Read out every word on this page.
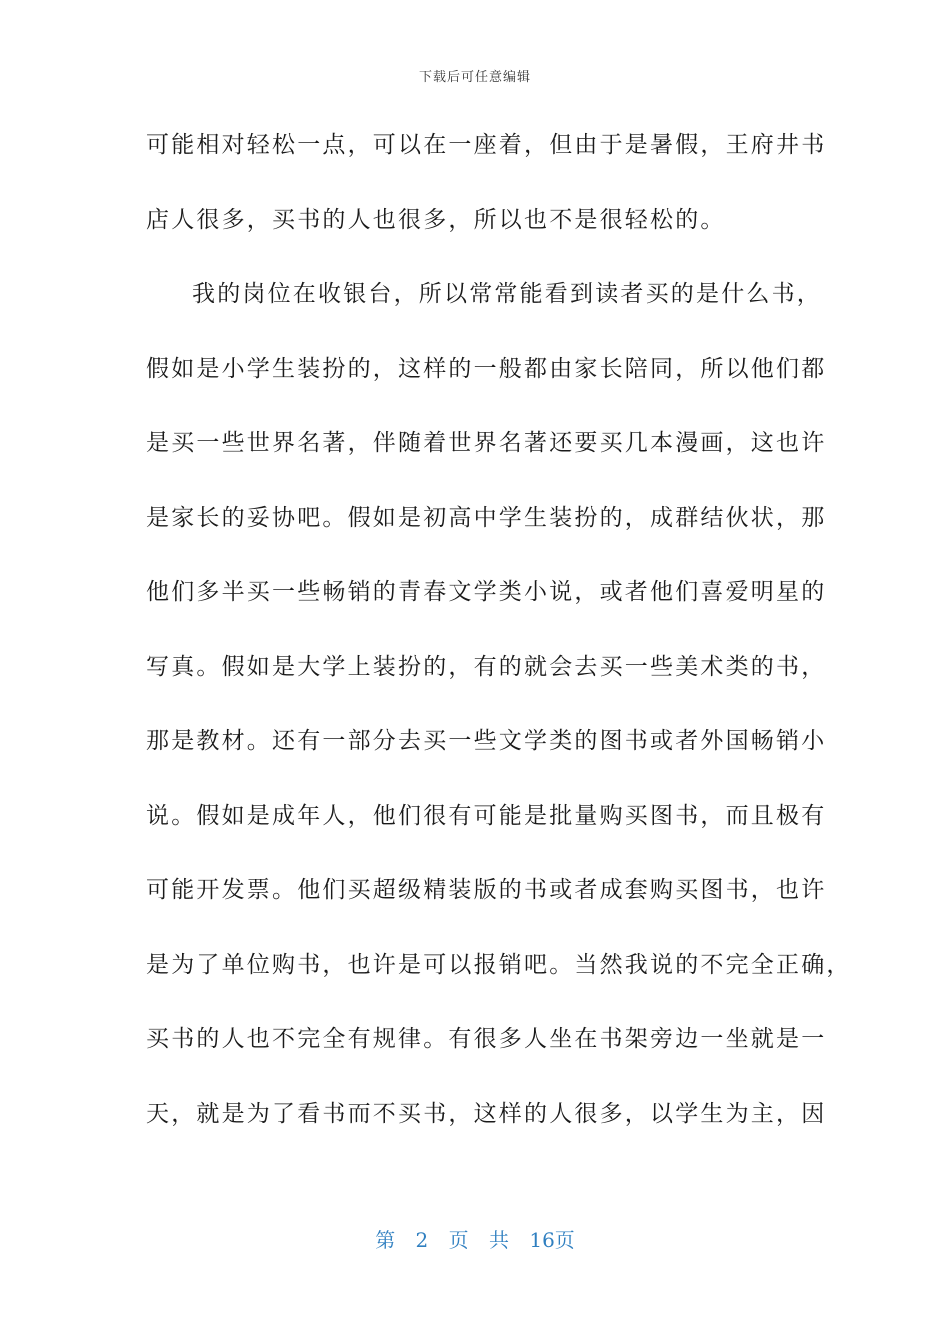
下载后可任意编辑
可能相对轻松一点，可以在一座着，但由于是暑假，王府井书
店人很多，买书的人也很多，所以也不是很轻松的。
我的岗位在收银台，所以常常能看到读者买的是什么书，
假如是小学生装扮的，这样的一般都由家长陪同，所以他们都
是买一些世界名著，伴随着世界名著还要买几本漫画，这也许
是家长的妥协吧。假如是初高中学生装扮的，成群结伙状，那
他们多半买一些畅销的青春文学类小说，或者他们喜爱明星的
写真。假如是大学上装扮的，有的就会去买一些美术类的书，
那是教材。还有一部分去买一些文学类的图书或者外国畅销小
说。假如是成年人，他们很有可能是批量购买图书，而且极有
可能开发票。他们买超级精装版的书或者成套购买图书，也许
是为了单位购书，也许是可以报销吧。当然我说的不完全正确，
买书的人也不完全有规律。有很多人坐在书架旁边一坐就是一
天，就是为了看书而不买书，这样的人很多，以学生为主，因
第 2 页 共 16页
